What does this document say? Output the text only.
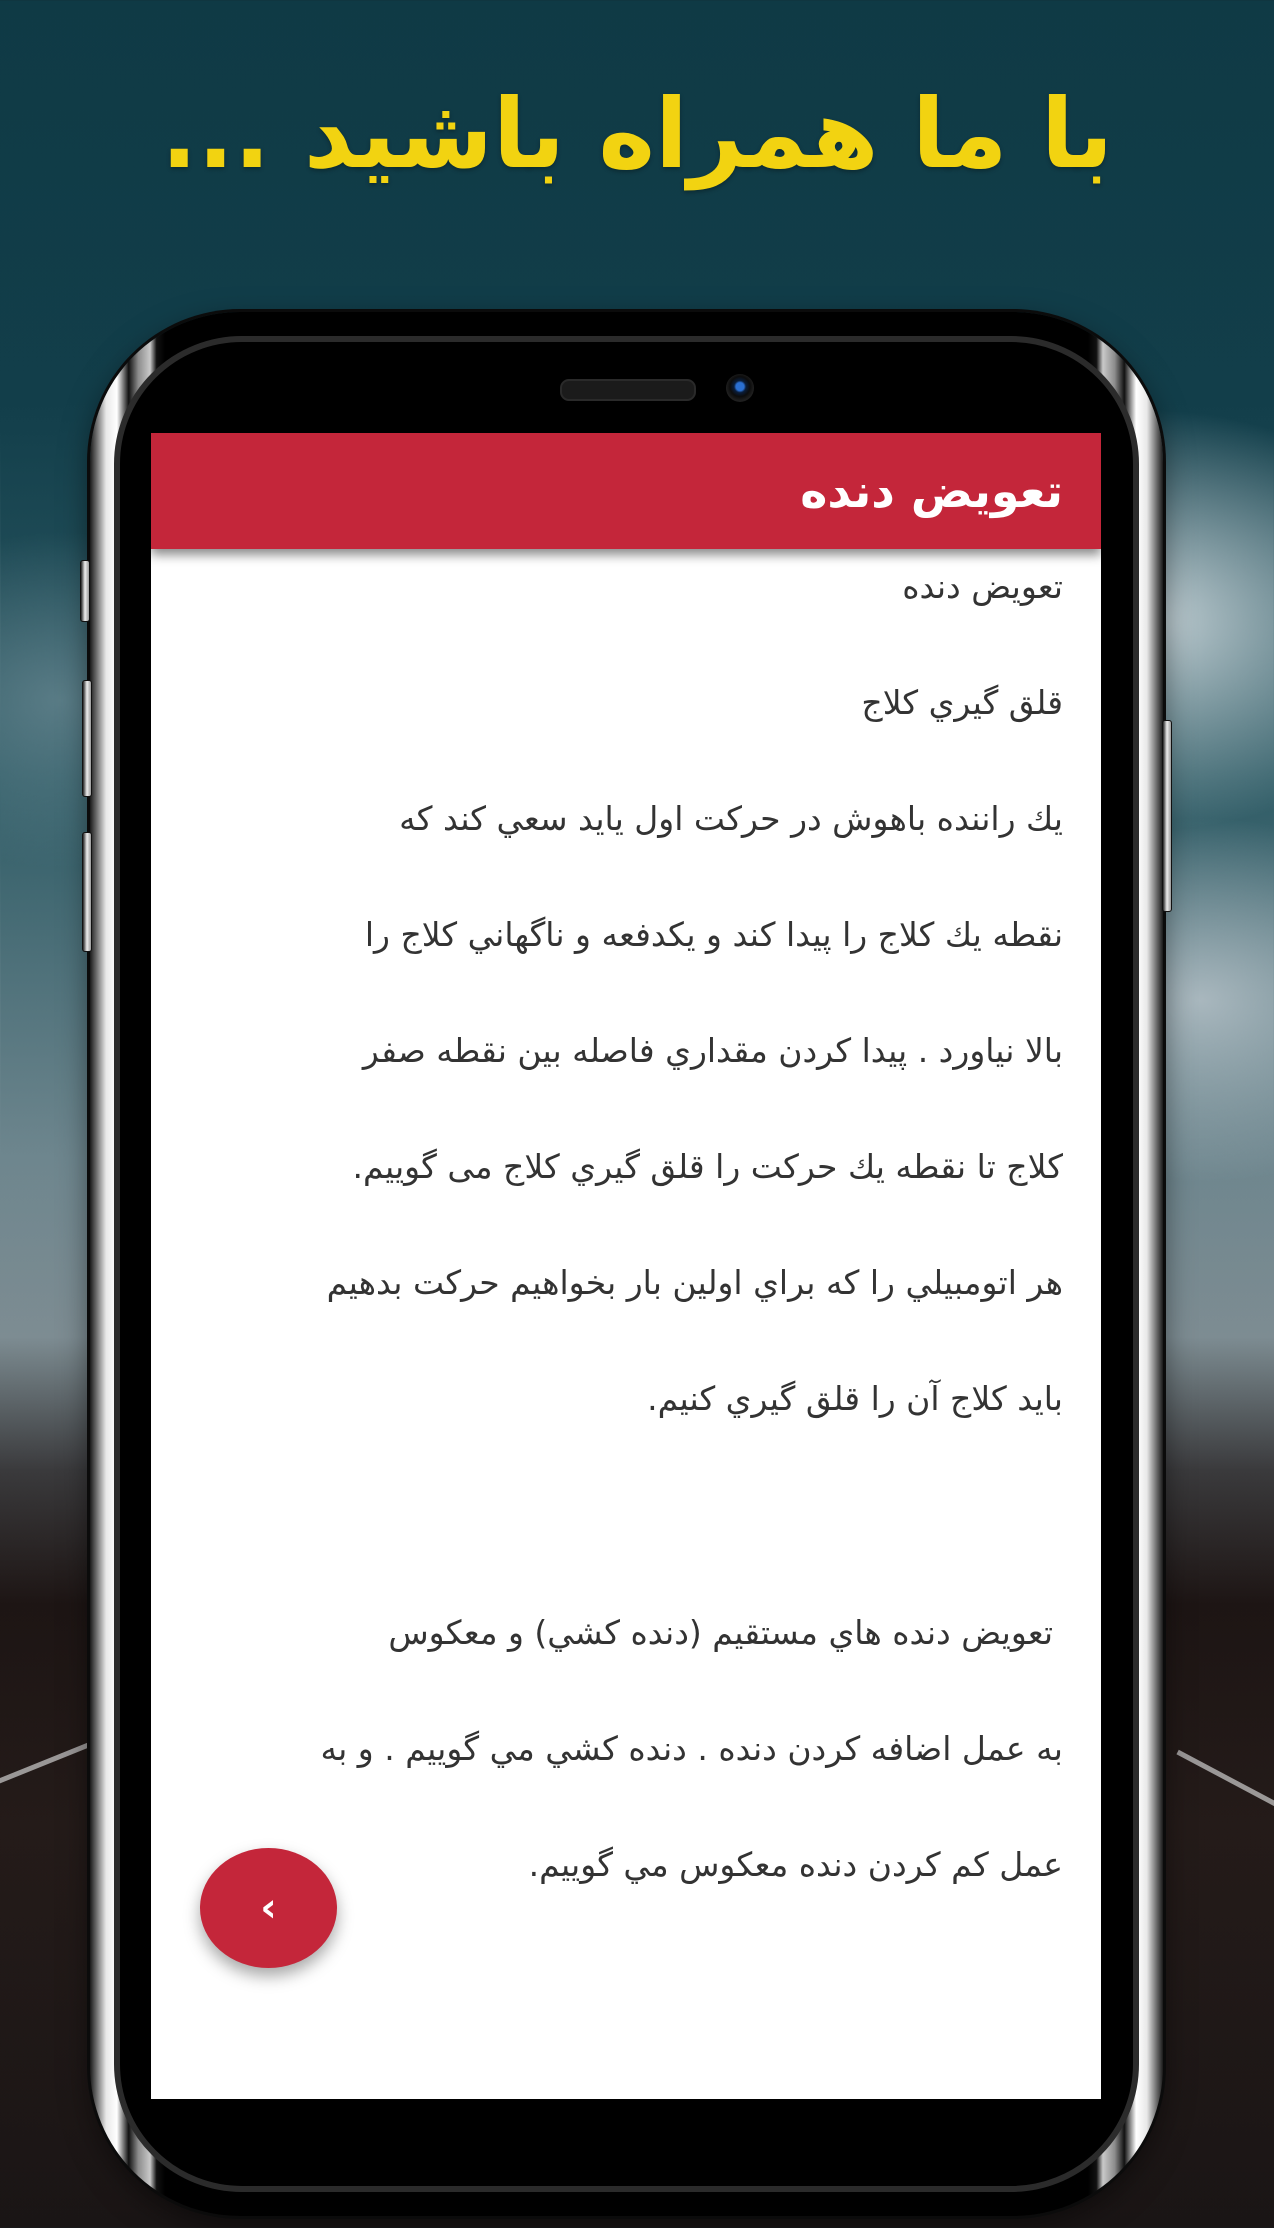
با ما همراه باشید ...
تعويض دنده
تعويض دنده
قلق گيري كلاج
يك راننده باهوش در حركت اول يايد سعي كند كه
نقطه يك كلاج را پيدا كند و يكدفعه و ناگهاني كلاج را
بالا نياورد . پيدا كردن مقداري فاصله بين نقطه صفر
كلاج تا نقطه يك حركت را قلق گيري كلاج می گوییم.
هر اتومبيلي را كه براي اولين بار بخواهيم حركت بدهيم
بايد كلاج آن را قلق گيري كنيم.
تعويض دنده هاي مستقيم (دنده كشي) و معكوس
به عمل اضافه كردن دنده . دنده كشي مي گوييم . و به
عمل كم كردن دنده معكوس مي گوييم.
‹
